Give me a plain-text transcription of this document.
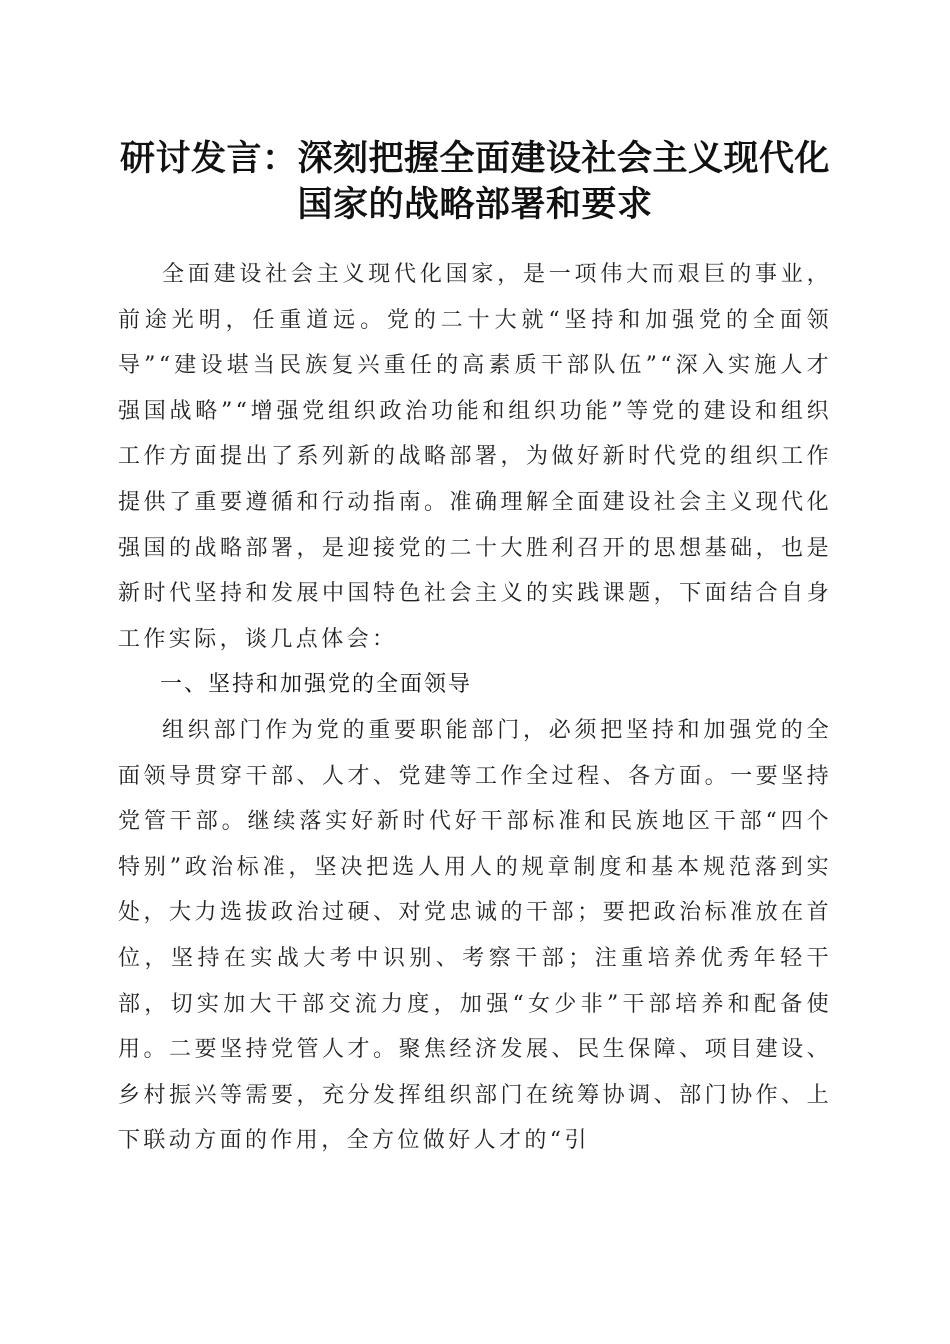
研讨发言：深刻把握全面建设社会主义现代化
国家的战略部署和要求

全面建设社会主义现代化国家，是一项伟大而艰巨的事业，前途光明，任重道远。党的二十大就“坚持和加强党的全面领导”“建设堪当民族复兴重任的高素质干部队伍”“深入实施人才强国战略”“增强党组织政治功能和组织功能”等党的建设和组织工作方面提出了系列新的战略部署，为做好新时代党的组织工作提供了重要遵循和行动指南。准确理解全面建设社会主义现代化强国的战略部署，是迎接党的二十大胜利召开的思想基础，也是新时代坚持和发展中国特色社会主义的实践课题，下面结合自身工作实际，谈几点体会：

一、坚持和加强党的全面领导

组织部门作为党的重要职能部门，必须把坚持和加强党的全面领导贯穿干部、人才、党建等工作全过程、各方面。一要坚持党管干部。继续落实好新时代好干部标准和民族地区干部“四个特别”政治标准，坚决把选人用人的规章制度和基本规范落到实处，大力选拔政治过硬、对党忠诚的干部；要把政治标准放在首位，坚持在实战大考中识别、考察干部；注重培养优秀年轻干部，切实加大干部交流力度，加强“女少非”干部培养和配备使用。二要坚持党管人才。聚焦经济发展、民生保障、项目建设、乡村振兴等需要，充分发挥组织部门在统筹协调、部门协作、上下联动方面的作用，全方位做好人才的“引
